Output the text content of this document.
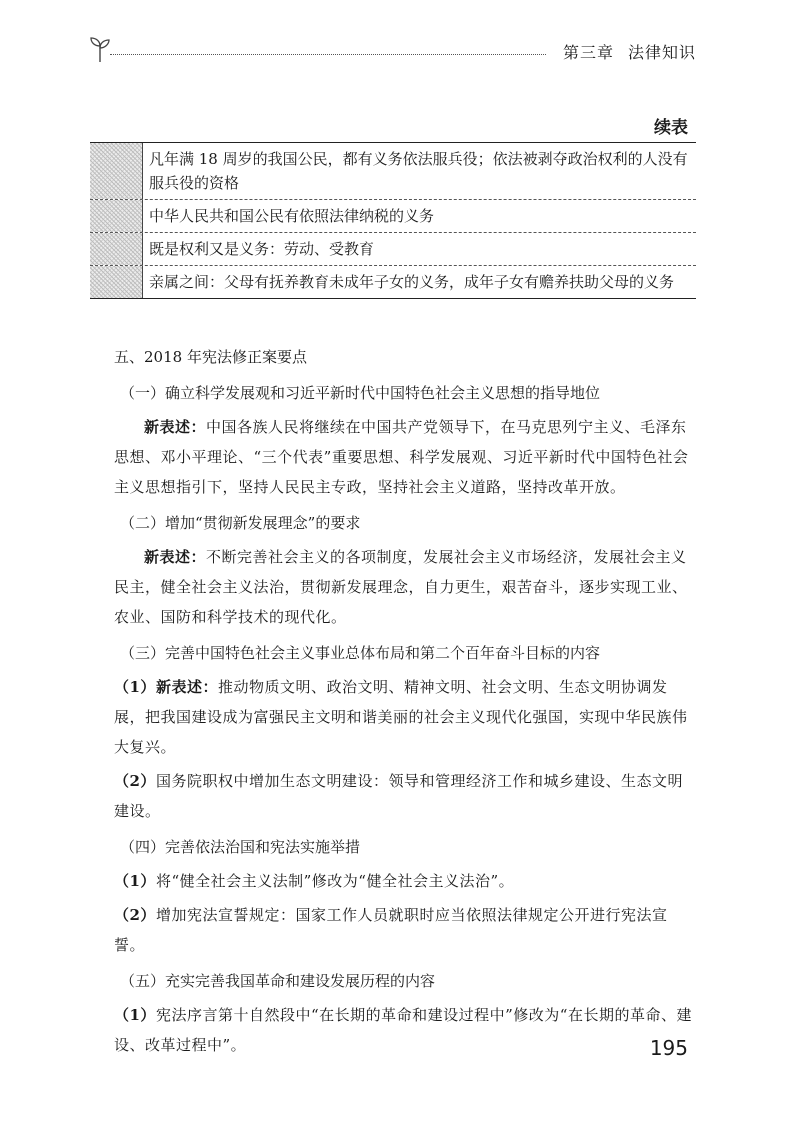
第三章 法律知识
续表
凡年满 18 周岁的我国公民，都有义务依法服兵役；依法被剥夺政治权利的人没有服兵役的资格
中华人民共和国公民有依照法律纳税的义务
既是权利又是义务：劳动、受教育
亲属之间：父母有抚养教育未成年子女的义务，成年子女有赡养扶助父母的义务

五、2018 年宪法修正案要点

（一）确立科学发展观和习近平新时代中国特色社会主义思想的指导地位

新表述：中国各族人民将继续在中国共产党领导下，在马克思列宁主义、毛泽东思想、邓小平理论、“三个代表”重要思想、科学发展观、习近平新时代中国特色社会主义思想指引下，坚持人民民主专政，坚持社会主义道路，坚持改革开放。

（二）增加“贯彻新发展理念”的要求

新表述：不断完善社会主义的各项制度，发展社会主义市场经济，发展社会主义民主，健全社会主义法治，贯彻新发展理念，自力更生，艰苦奋斗，逐步实现工业、农业、国防和科学技术的现代化。

（三）完善中国特色社会主义事业总体布局和第二个百年奋斗目标的内容

（1）新表述：推动物质文明、政治文明、精神文明、社会文明、生态文明协调发展，把我国建设成为富强民主文明和谐美丽的社会主义现代化强国，实现中华民族伟大复兴。

（2）国务院职权中增加生态文明建设：领导和管理经济工作和城乡建设、生态文明建设。

（四）完善依法治国和宪法实施举措

（1）将“健全社会主义法制”修改为“健全社会主义法治”。

（2）增加宪法宣誓规定：国家工作人员就职时应当依照法律规定公开进行宪法宣誓。

（五）充实完善我国革命和建设发展历程的内容

（1）宪法序言第十自然段中“在长期的革命和建设过程中”修改为“在长期的革命、建设、改革过程中”。	195
